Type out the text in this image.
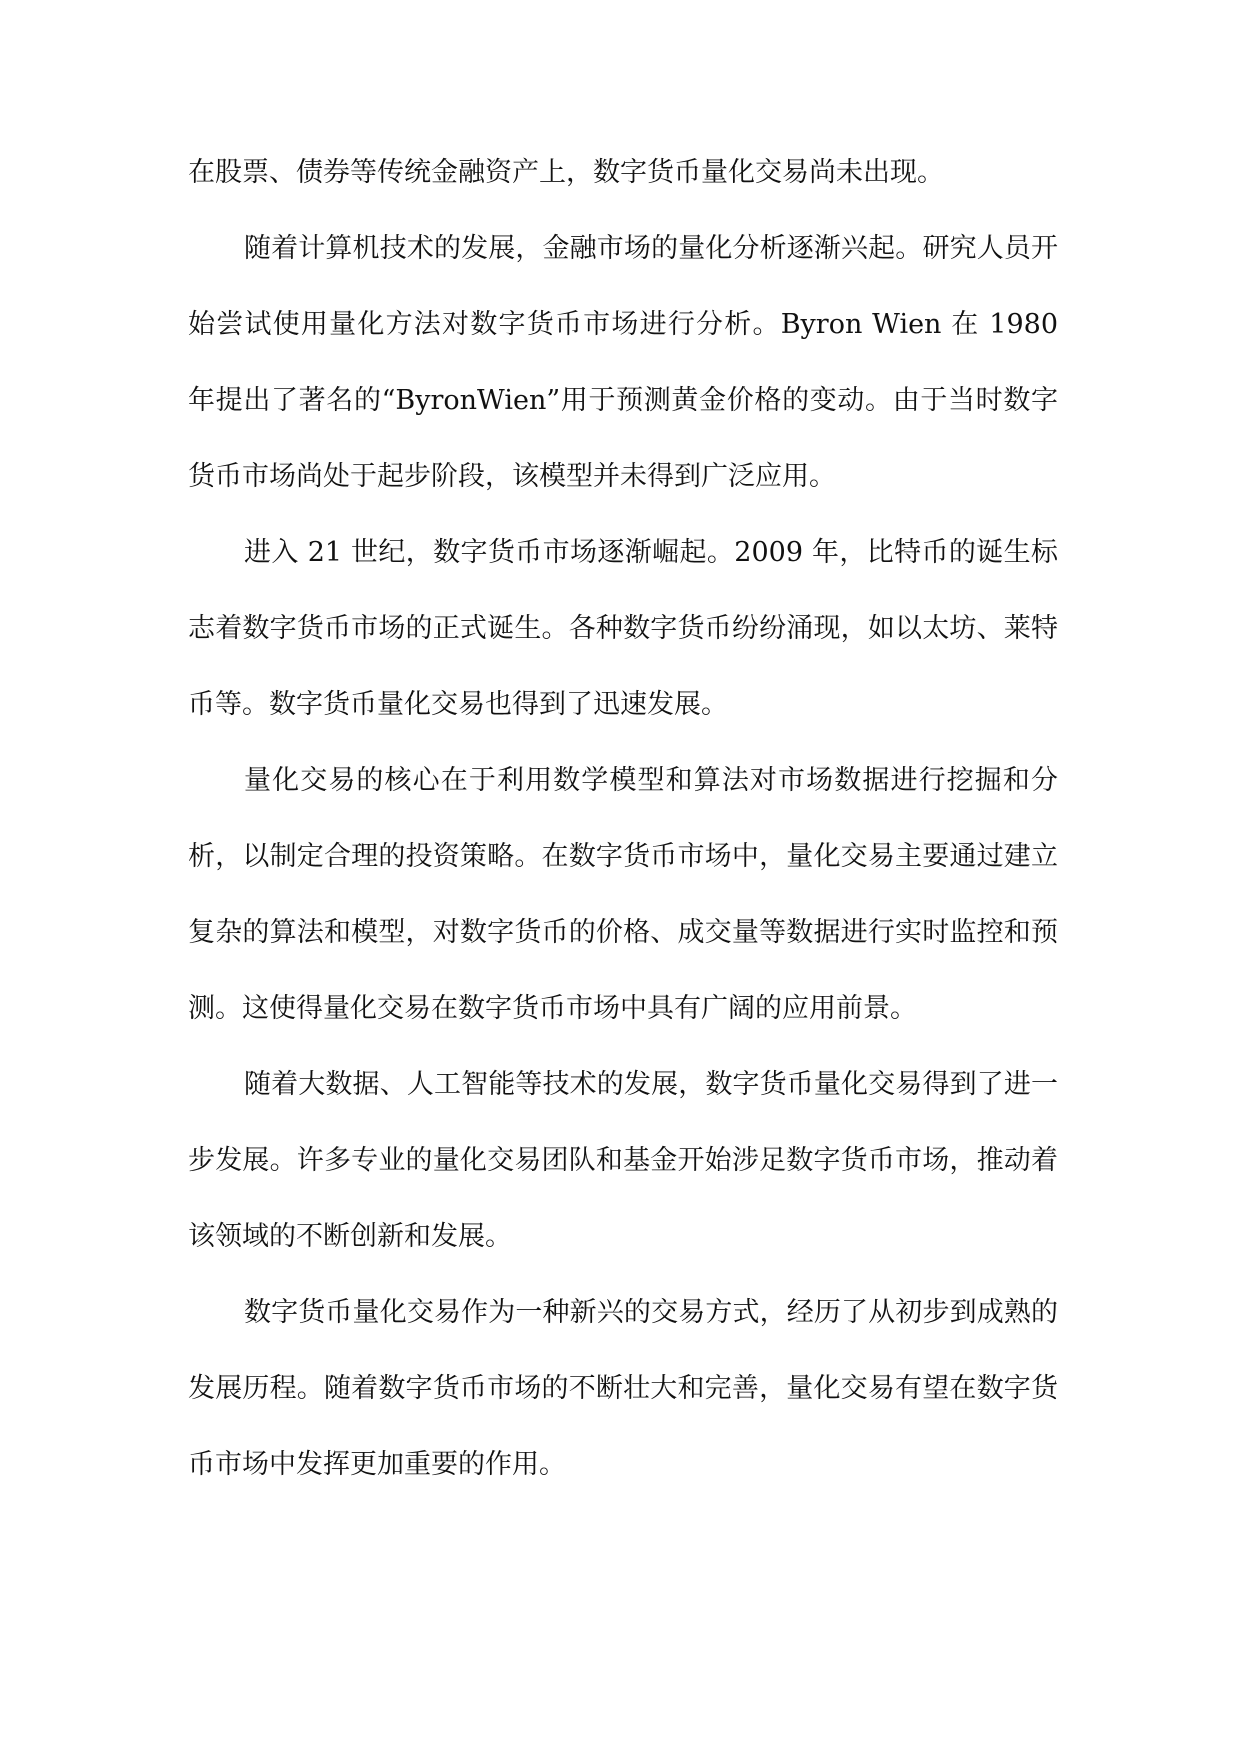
在股票、债券等传统金融资产上，数字货币量化交易尚未出现。

随着计算机技术的发展，金融市场的量化分析逐渐兴起。研究人员开始尝试使用量化方法对数字货币市场进行分析。Byron Wien 在 1980 年提出了著名的“ByronWien”用于预测黄金价格的变动。由于当时数字货币市场尚处于起步阶段，该模型并未得到广泛应用。

进入 21 世纪，数字货币市场逐渐崛起。2009 年，比特币的诞生标志着数字货币市场的正式诞生。各种数字货币纷纷涌现，如以太坊、莱特币等。数字货币量化交易也得到了迅速发展。

量化交易的核心在于利用数学模型和算法对市场数据进行挖掘和分析，以制定合理的投资策略。在数字货币市场中，量化交易主要通过建立复杂的算法和模型，对数字货币的价格、成交量等数据进行实时监控和预测。这使得量化交易在数字货币市场中具有广阔的应用前景。

随着大数据、人工智能等技术的发展，数字货币量化交易得到了进一步发展。许多专业的量化交易团队和基金开始涉足数字货币市场，推动着该领域的不断创新和发展。

数字货币量化交易作为一种新兴的交易方式，经历了从初步到成熟的发展历程。随着数字货币市场的不断壮大和完善，量化交易有望在数字货币市场中发挥更加重要的作用。
